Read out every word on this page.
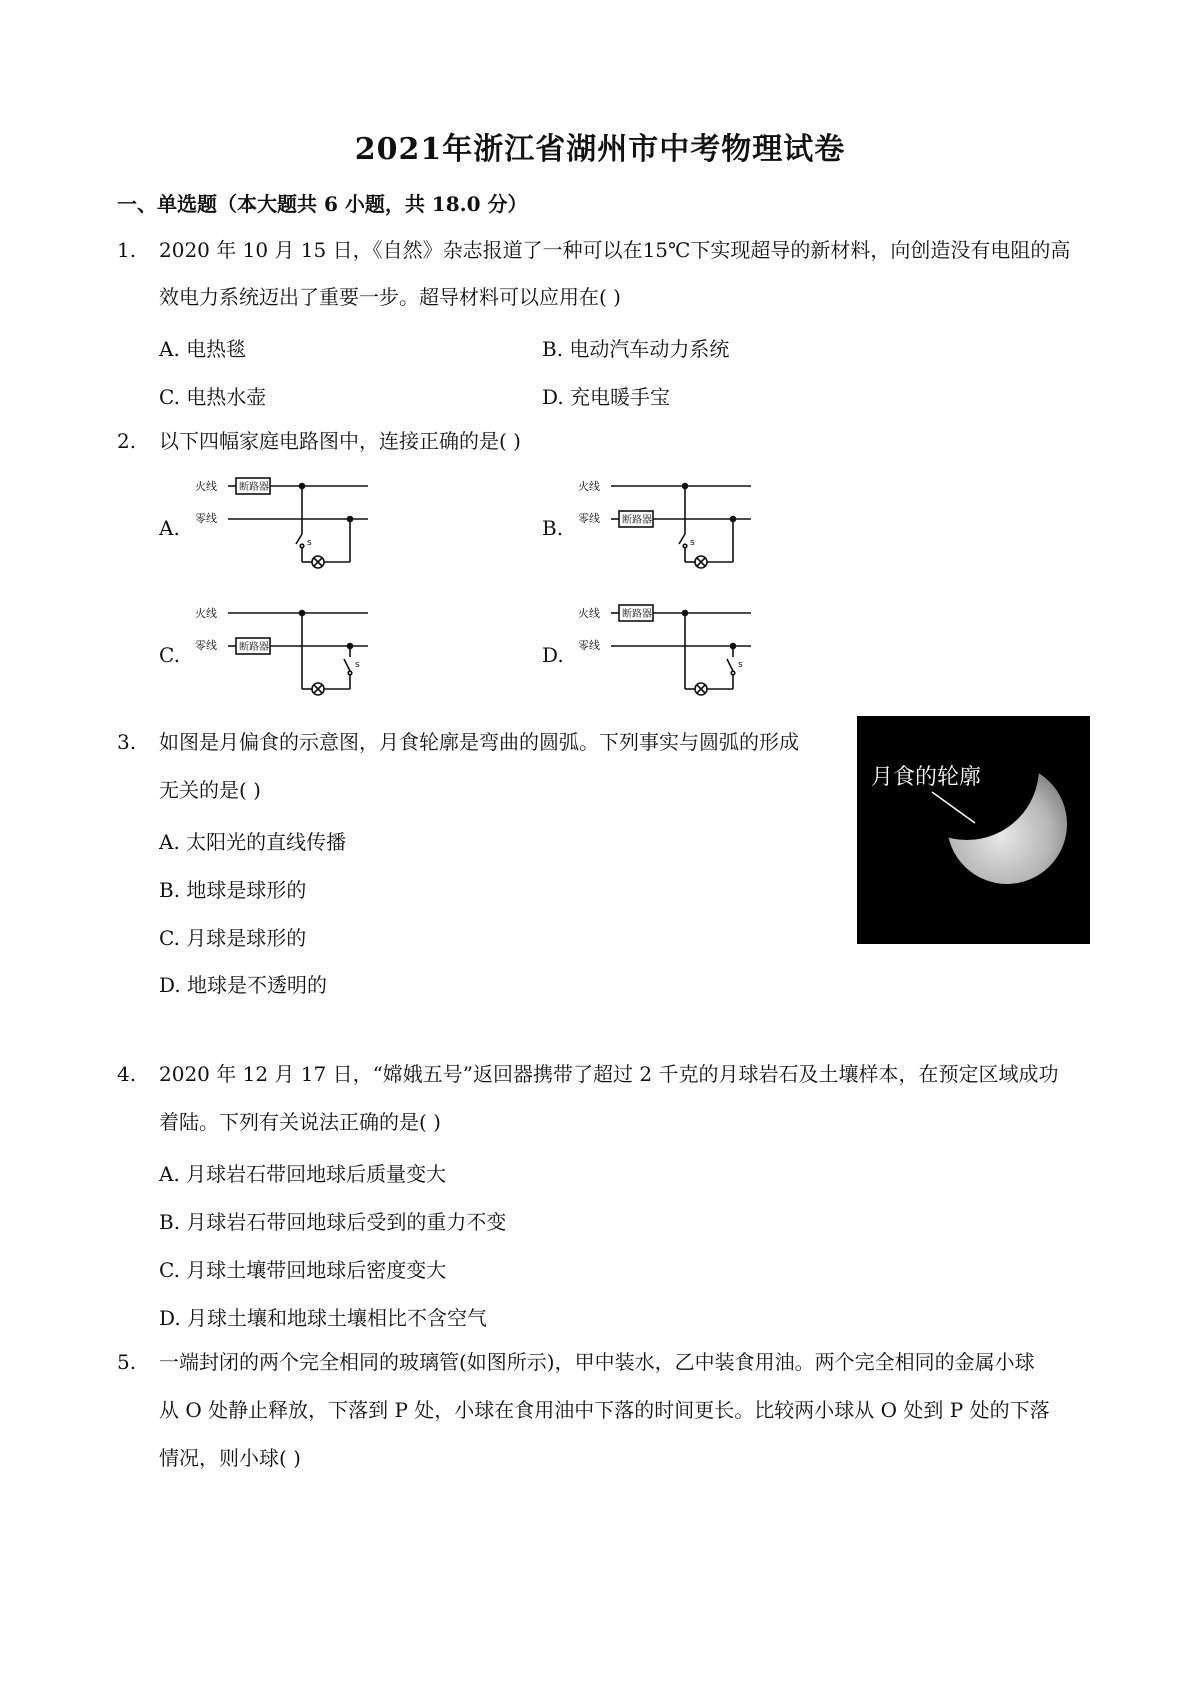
2021年浙江省湖州市中考物理试卷
一、单选题（本大题共 6 小题，共 18.0 分）
1. 2020 年 10 月 15 日，《自然》杂志报道了一种可以在15℃下实现超导的新材料，向创造没有电阻的高
效电力系统迈出了重要一步。超导材料可以应用在( )
A. 电热毯	B. 电动汽车动力系统
C. 电热水壶	D. 充电暖手宝
2. 以下四幅家庭电路图中，连接正确的是( )
A.	B.
C.	D.
火线
零线
断路器
s
火线
零线 断路器
s
火线
零线 断路器
s
火线
零线
断路器
s
3. 如图是月偏食的示意图，月食轮廓是弯曲的圆弧。下列事实与圆弧的形成
无关的是( )
A. 太阳光的直线传播
B. 地球是球形的
C. 月球是球形的
D. 地球是不透明的
月食的轮廓
4. 2020 年 12 月 17 日，“嫦娥五号”返回器携带了超过 2 千克的月球岩石及土壤样本，在预定区域成功
着陆。下列有关说法正确的是( )
A. 月球岩石带回地球后质量变大
B. 月球岩石带回地球后受到的重力不变
C. 月球土壤带回地球后密度变大
D. 月球土壤和地球土壤相比不含空气
5. 一端封闭的两个完全相同的玻璃管(如图所示)，甲中装水，乙中装食用油。两个完全相同的金属小球
从 O 处静止释放，下落到 P 处，小球在食用油中下落的时间更长。比较两小球从 O 处到 P 处的下落
情况，则小球( )
